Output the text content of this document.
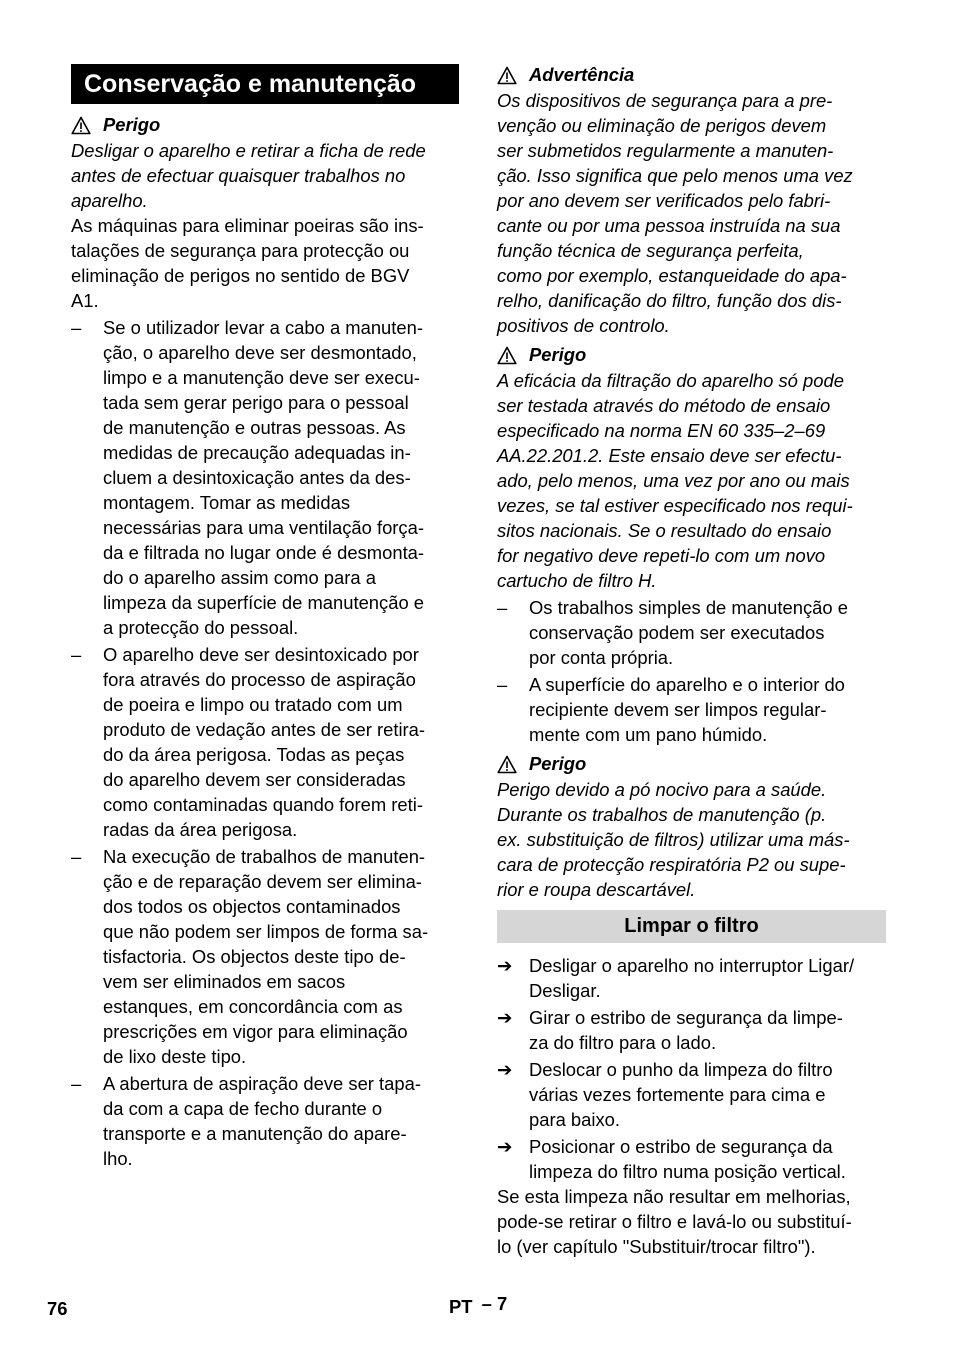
Conservação e manutenção
Perigo

Desligar o aparelho e retirar a ficha de rede
antes de efectuar quaisquer trabalhos no
aparelho.

As máquinas para eliminar poeiras são ins-
talações de segurança para protecção ou
eliminação de perigos no sentido de BGV
A1.

–	Se o utilizador levar a cabo a manuten-
ção, o aparelho deve ser desmontado,
limpo e a manutenção deve ser execu-
tada sem gerar perigo para o pessoal
de manutenção e outras pessoas. As
medidas de precaução adequadas in-
cluem a desintoxicação antes da des-
montagem. Tomar as medidas
necessárias para uma ventilação força-
da e filtrada no lugar onde é desmonta-
do o aparelho assim como para a
limpeza da superfície de manutenção e
a protecção do pessoal.
–	O aparelho deve ser desintoxicado por
fora através do processo de aspiração
de poeira e limpo ou tratado com um
produto de vedação antes de ser retira-
do da área perigosa. Todas as peças
do aparelho devem ser consideradas
como contaminadas quando forem reti-
radas da área perigosa.
–	Na execução de trabalhos de manuten-
ção e de reparação devem ser elimina-
dos todos os objectos contaminados
que não podem ser limpos de forma sa-
tisfactoria. Os objectos deste tipo de-
vem ser eliminados em sacos
estanques, em concordância com as
prescrições em vigor para eliminação
de lixo deste tipo.
–	A abertura de aspiração deve ser tapa-
da com a capa de fecho durante o
transporte e a manutenção do apare-
lho.
Advertência

Os dispositivos de segurança para a pre-
venção ou eliminação de perigos devem
ser submetidos regularmente a manuten-
ção. Isso significa que pelo menos uma vez
por ano devem ser verificados pelo fabri-
cante ou por uma pessoa instruída na sua
função técnica de segurança perfeita,
como por exemplo, estanqueidade do apa-
relho, danificação do filtro, função dos dis-
positivos de controlo.

Perigo

A eficácia da filtração do aparelho só pode
ser testada através do método de ensaio
especificado na norma EN 60 335–2–69
AA.22.201.2. Este ensaio deve ser efectu-
ado, pelo menos, uma vez por ano ou mais
vezes, se tal estiver especificado nos requi-
sitos nacionais. Se o resultado do ensaio
for negativo deve repeti-lo com um novo
cartucho de filtro H.

–	Os trabalhos simples de manutenção e
conservação podem ser executados
por conta própria.
–	A superfície do aparelho e o interior do
recipiente devem ser limpos regular-
mente com um pano húmido.
Perigo

Perigo devido a pó nocivo para a saúde.
Durante os trabalhos de manutenção (p.
ex. substituição de filtros) utilizar uma más-
cara de protecção respiratória P2 ou supe-
rior e roupa descartável.

Limpar o filtro
➔ Desligar o aparelho no interruptor Ligar/
Desligar.
➔ Girar o estribo de segurança da limpe-
za do filtro para o lado.
➔ Deslocar o punho da limpeza do filtro
várias vezes fortemente para cima e
para baixo.
➔ Posicionar o estribo de segurança da
limpeza do filtro numa posição vertical.

Se esta limpeza não resultar em melhorias,
pode-se retirar o filtro e lavá-lo ou substituí-
lo (ver capítulo "Substituir/trocar filtro").

76	PT – 7
